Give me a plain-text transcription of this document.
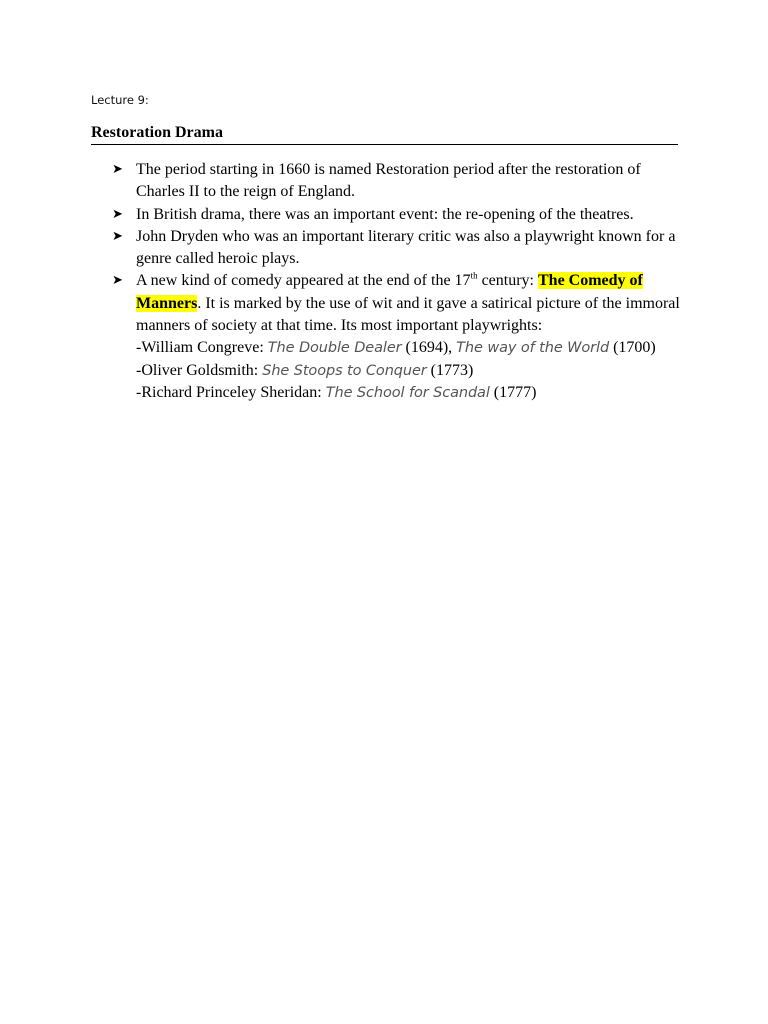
Lecture 9:
Restoration Drama
➤ The period starting in 1660 is named Restoration period after the restoration of Charles II to the reign of England.
➤ In British drama, there was an important event: the re-opening of the theatres.
➤ John Dryden who was an important literary critic was also a playwright known for a genre called heroic plays.
➤ A new kind of comedy appeared at the end of the 17th century: The Comedy of Manners. It is marked by the use of wit and it gave a satirical picture of the immoral manners of society at that time. Its most important playwrights:
-William Congreve: The Double Dealer (1694), The way of the World (1700)
-Oliver Goldsmith: She Stoops to Conquer (1773)
-Richard Princeley Sheridan: The School for Scandal (1777)
